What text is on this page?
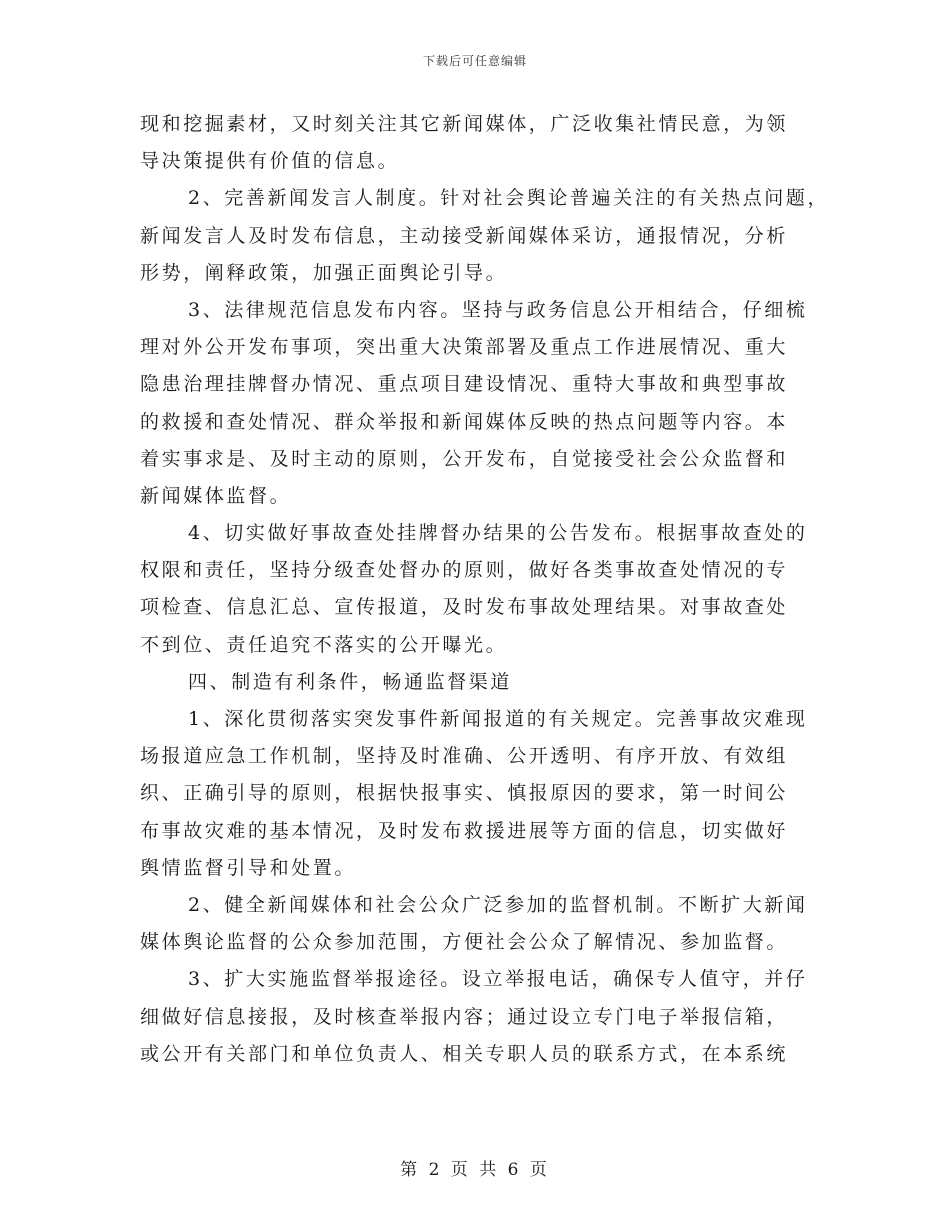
下载后可任意编辑
现和挖掘素材，又时刻关注其它新闻媒体，广泛收集社情民意，为领
导决策提供有价值的信息。
2、完善新闻发言人制度。针对社会舆论普遍关注的有关热点问题，
新闻发言人及时发布信息，主动接受新闻媒体采访，通报情况，分析
形势，阐释政策，加强正面舆论引导。
3、法律规范信息发布内容。坚持与政务信息公开相结合，仔细梳
理对外公开发布事项，突出重大决策部署及重点工作进展情况、重大
隐患治理挂牌督办情况、重点项目建设情况、重特大事故和典型事故
的救援和查处情况、群众举报和新闻媒体反映的热点问题等内容。本
着实事求是、及时主动的原则，公开发布，自觉接受社会公众监督和
新闻媒体监督。
4、切实做好事故查处挂牌督办结果的公告发布。根据事故查处的
权限和责任，坚持分级查处督办的原则，做好各类事故查处情况的专
项检查、信息汇总、宣传报道，及时发布事故处理结果。对事故查处
不到位、责任追究不落实的公开曝光。
四、制造有利条件，畅通监督渠道
1、深化贯彻落实突发事件新闻报道的有关规定。完善事故灾难现
场报道应急工作机制，坚持及时准确、公开透明、有序开放、有效组
织、正确引导的原则，根据快报事实、慎报原因的要求，第一时间公
布事故灾难的基本情况，及时发布救援进展等方面的信息，切实做好
舆情监督引导和处置。
2、健全新闻媒体和社会公众广泛参加的监督机制。不断扩大新闻
媒体舆论监督的公众参加范围，方便社会公众了解情况、参加监督。
3、扩大实施监督举报途径。设立举报电话，确保专人值守，并仔
细做好信息接报，及时核查举报内容；通过设立专门电子举报信箱，
或公开有关部门和单位负责人、相关专职人员的联系方式，在本系统
第 2 页 共 6 页
